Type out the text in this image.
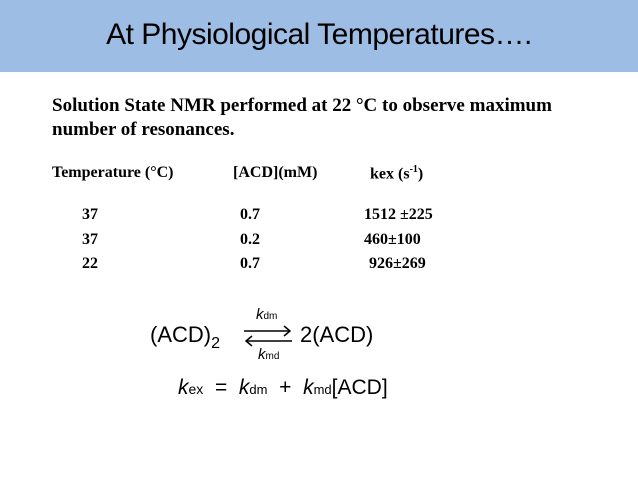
At Physiological Temperatures….
Solution State NMR performed at 22 °C to observe maximum number of resonances.
Temperature (°C)	[ACD](mM)	kex $(s^{-1})$
37	0.7	1512 ±225
37	0.2	460±100
22	0.7	926±269
$(ACD)_2$
kdm
kmd
2(ACD)
kex = kdm + kmd[ACD]
